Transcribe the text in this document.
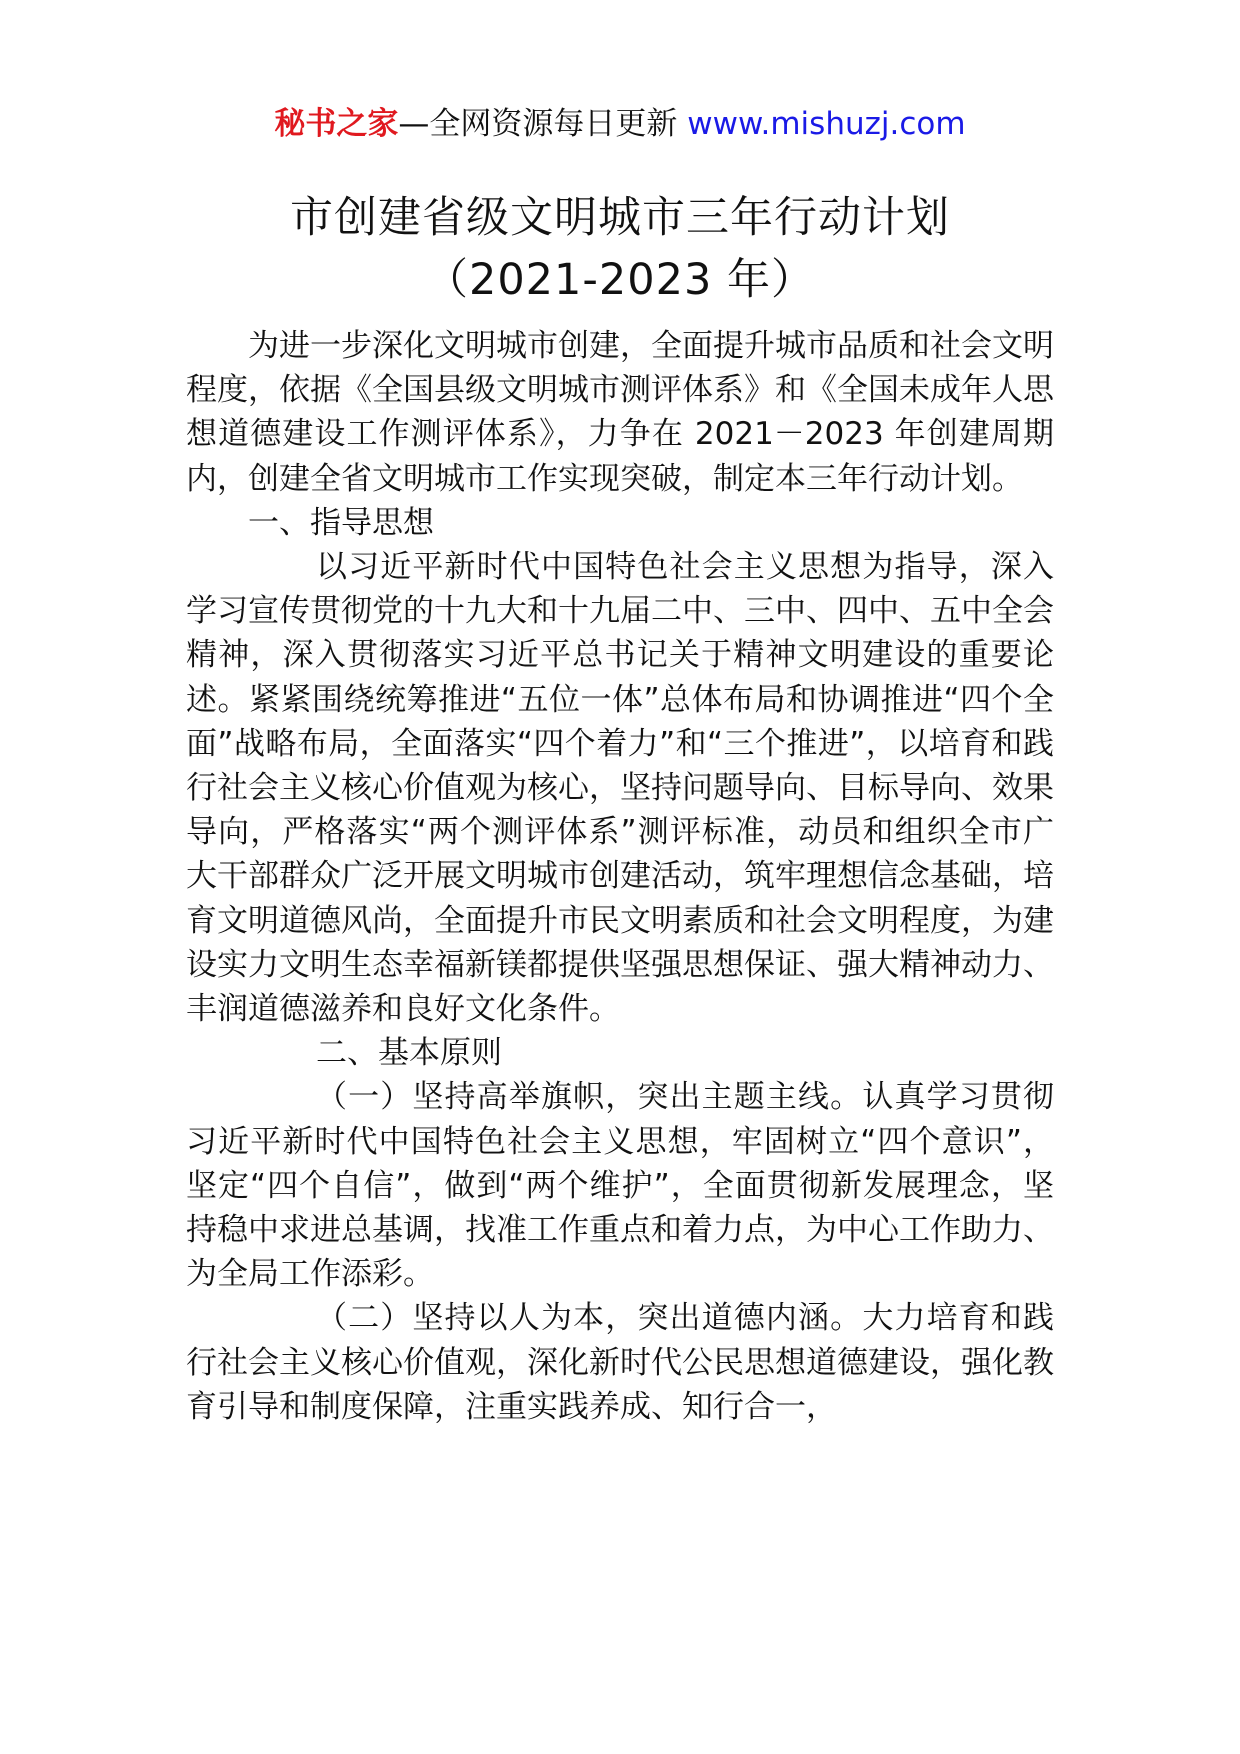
秘书之家—全网资源每日更新 www.mishuzj.com
市创建省级文明城市三年行动计划
（2021-2023 年）

为进一步深化文明城市创建，全面提升城市品质和社会文明程度，依据《全国县级文明城市测评体系》和《全国未成年人思想道德建设工作测评体系》，力争在 2021－2023 年创建周期内，创建全省文明城市工作实现突破，制定本三年行动计划。

一、指导思想

以习近平新时代中国特色社会主义思想为指导，深入学习宣传贯彻党的十九大和十九届二中、三中、四中、五中全会精神，深入贯彻落实习近平总书记关于精神文明建设的重要论述。紧紧围绕统筹推进“五位一体”总体布局和协调推进“四个全面”战略布局，全面落实“四个着力”和“三个推进”，以培育和践行社会主义核心价值观为核心，坚持问题导向、目标导向、效果导向，严格落实“两个测评体系”测评标准，动员和组织全市广大干部群众广泛开展文明城市创建活动，筑牢理想信念基础，培育文明道德风尚，全面提升市民文明素质和社会文明程度，为建设实力文明生态幸福新镁都提供坚强思想保证、强大精神动力、丰润道德滋养和良好文化条件。

二、基本原则

（一）坚持高举旗帜，突出主题主线。认真学习贯彻习近平新时代中国特色社会主义思想，牢固树立“四个意识”，坚定“四个自信”，做到“两个维护”，全面贯彻新发展理念，坚持稳中求进总基调，找准工作重点和着力点，为中心工作助力、为全局工作添彩。

（二）坚持以人为本，突出道德内涵。大力培育和践行社会主义核心价值观，深化新时代公民思想道德建设，强化教育引导和制度保障，注重实践养成、知行合一，
